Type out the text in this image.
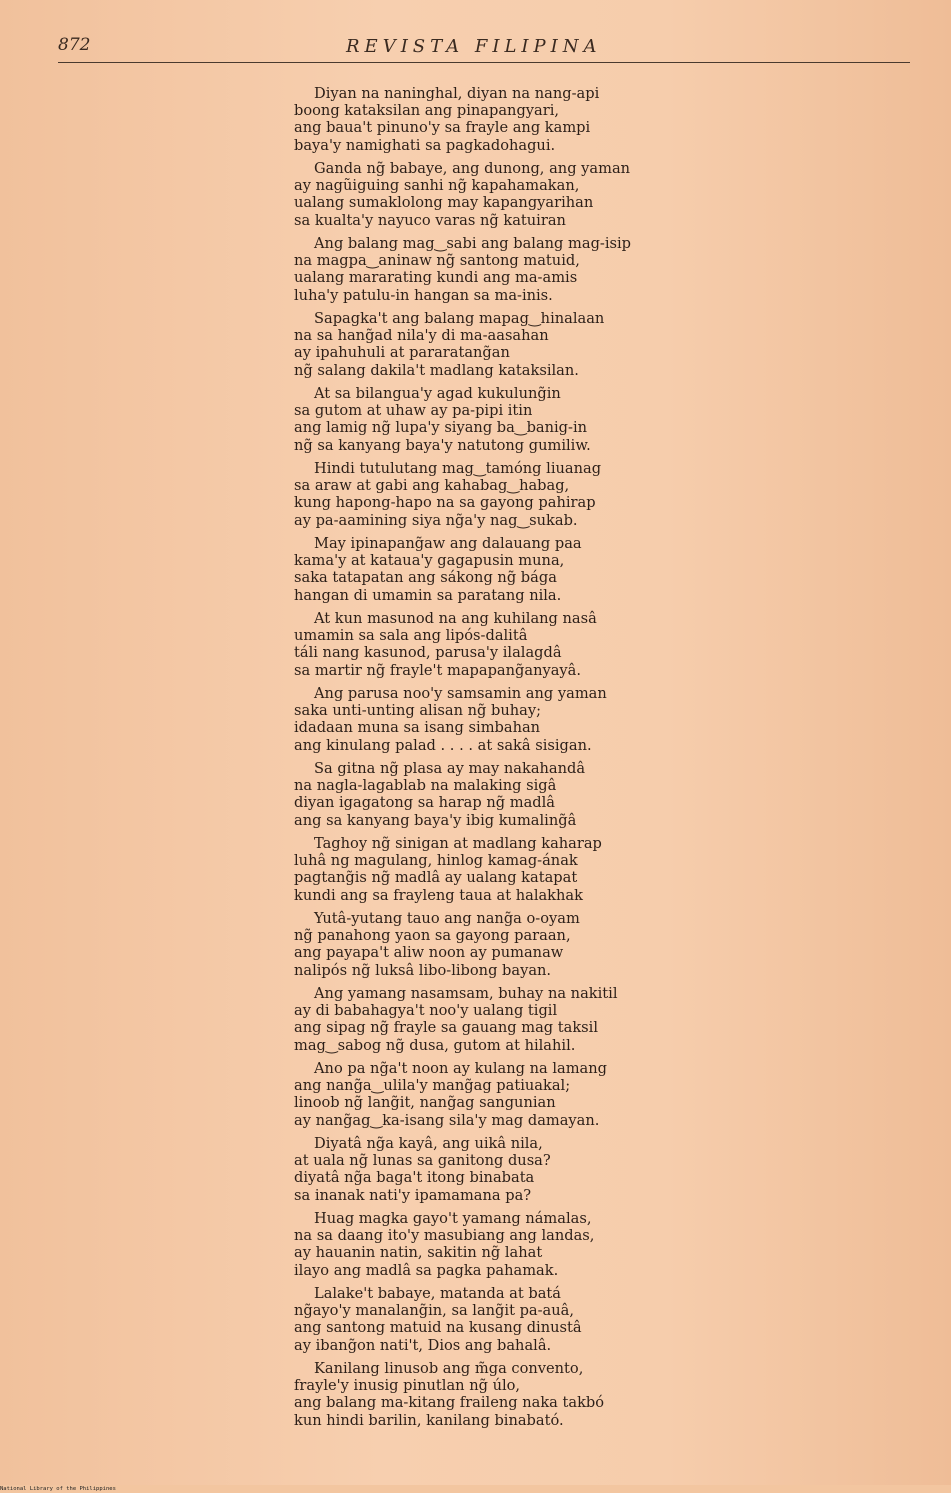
872	REVISTA FILIPINA
Diyan na naninghal, diyan na nang-api
boong kataksilan ang pinapangyari,
ang baua't pinuno'y sa frayle ang kampi
baya'y namighati sa pagkadohagui.
Ganda ng̃ babaye, ang dunong, ang yaman
ay nagũiguing sanhi ng̃ kapahamakan,
ualang sumaklolong may kapangyarihan
sa kualta'y nayuco varas ng̃ katuiran
Ang balang mag‿sabi ang balang mag-isip
na magpa‿aninaw ng̃ santong matuid,
ualang mararating kundi ang ma-amis
luha'y patulu-in hangan sa ma-inis.
Sapagka't ang balang mapag‿hinalaan
na sa hang̃ad nila'y di ma-aasahan
ay ipahuhuli at pararatang̃an
ng̃ salang dakila't madlang kataksilan.
At sa bilangua'y agad kukulung̃in
sa gutom at uhaw ay pa-pipi itin
ang lamig ng̃ lupa'y siyang ba‿banig-in
ng̃ sa kanyang baya'y natutong gumiliw.
Hindi tutulutang mag‿tamóng liuanag
sa araw at gabi ang kahabag‿habag,
kung hapong-hapo na sa gayong pahirap
ay pa-aamining siya ng̃a'y nag‿sukab.
May ipinapang̃aw ang dalauang paa
kama'y at kataua'y gagapusin muna,
saka tatapatan ang sákong ng̃ bága
hangan di umamin sa paratang nila.
At kun masunod na ang kuhilang nasâ
umamin sa sala ang lipós-dalitâ
táli nang kasunod, parusa'y ilalagdâ
sa martir ng̃ frayle't mapapang̃anyayâ.
Ang parusa noo'y samsamin ang yaman
saka unti-unting alisan ng̃ buhay;
idadaan muna sa isang simbahan
ang kinulang palad . . . . at sakâ sisigan.
Sa gitna ng̃ plasa ay may nakahandâ
na nagla-lagablab na malaking sigâ
diyan igagatong sa harap ng̃ madlâ
ang sa kanyang baya'y ibig kumaling̃â
Taghoy ng̃ sinigan at madlang kaharap
luhâ ng magulang, hinlog kamag-ának
pagtang̃is ng̃ madlâ ay ualang katapat
kundi ang sa frayleng taua at halakhak
Yutâ-yutang tauo ang nang̃a o-oyam
ng̃ panahong yaon sa gayong paraan,
ang payapa't aliw noon ay pumanaw
nalipós ng̃ luksâ libo-libong bayan.
Ang yamang nasamsam, buhay na nakitil
ay di babahagya't noo'y ualang tigil
ang sipag ng̃ frayle sa gauang mag taksil
mag‿sabog ng̃ dusa, gutom at hilahil.
Ano pa ng̃a't noon ay kulang na lamang
ang nang̃a‿ulila'y mang̃ag patiuakal;
linoob ng̃ lang̃it, nang̃ag sangunian
ay nang̃ag‿ka-isang sila'y mag damayan.
Diyatâ ng̃a kayâ, ang uikâ nila,
at uala ng̃ lunas sa ganitong dusa?
diyatâ ng̃a baga't itong binabata
sa inanak nati'y ipamamana pa?
Huag magka gayo't yamang námalas,
na sa daang ito'y masubiang ang landas,
ay hauanin natin, sakitin ng̃ lahat
ilayo ang madlâ sa pagka pahamak.
Lalake't babaye, matanda at batá
ng̃ayo'y manalang̃in, sa lang̃it pa-auâ,
ang santong matuid na kusang dinustâ
ay ibang̃on nati't, Dios ang bahalâ.
Kanilang linusob ang m̃ga convento,
frayle'y inusig pinutlan ng̃ úlo,
ang balang ma-kitang fraileng naka takbó
kun hindi barilin, kanilang binabató.
National Library of the Philippines
